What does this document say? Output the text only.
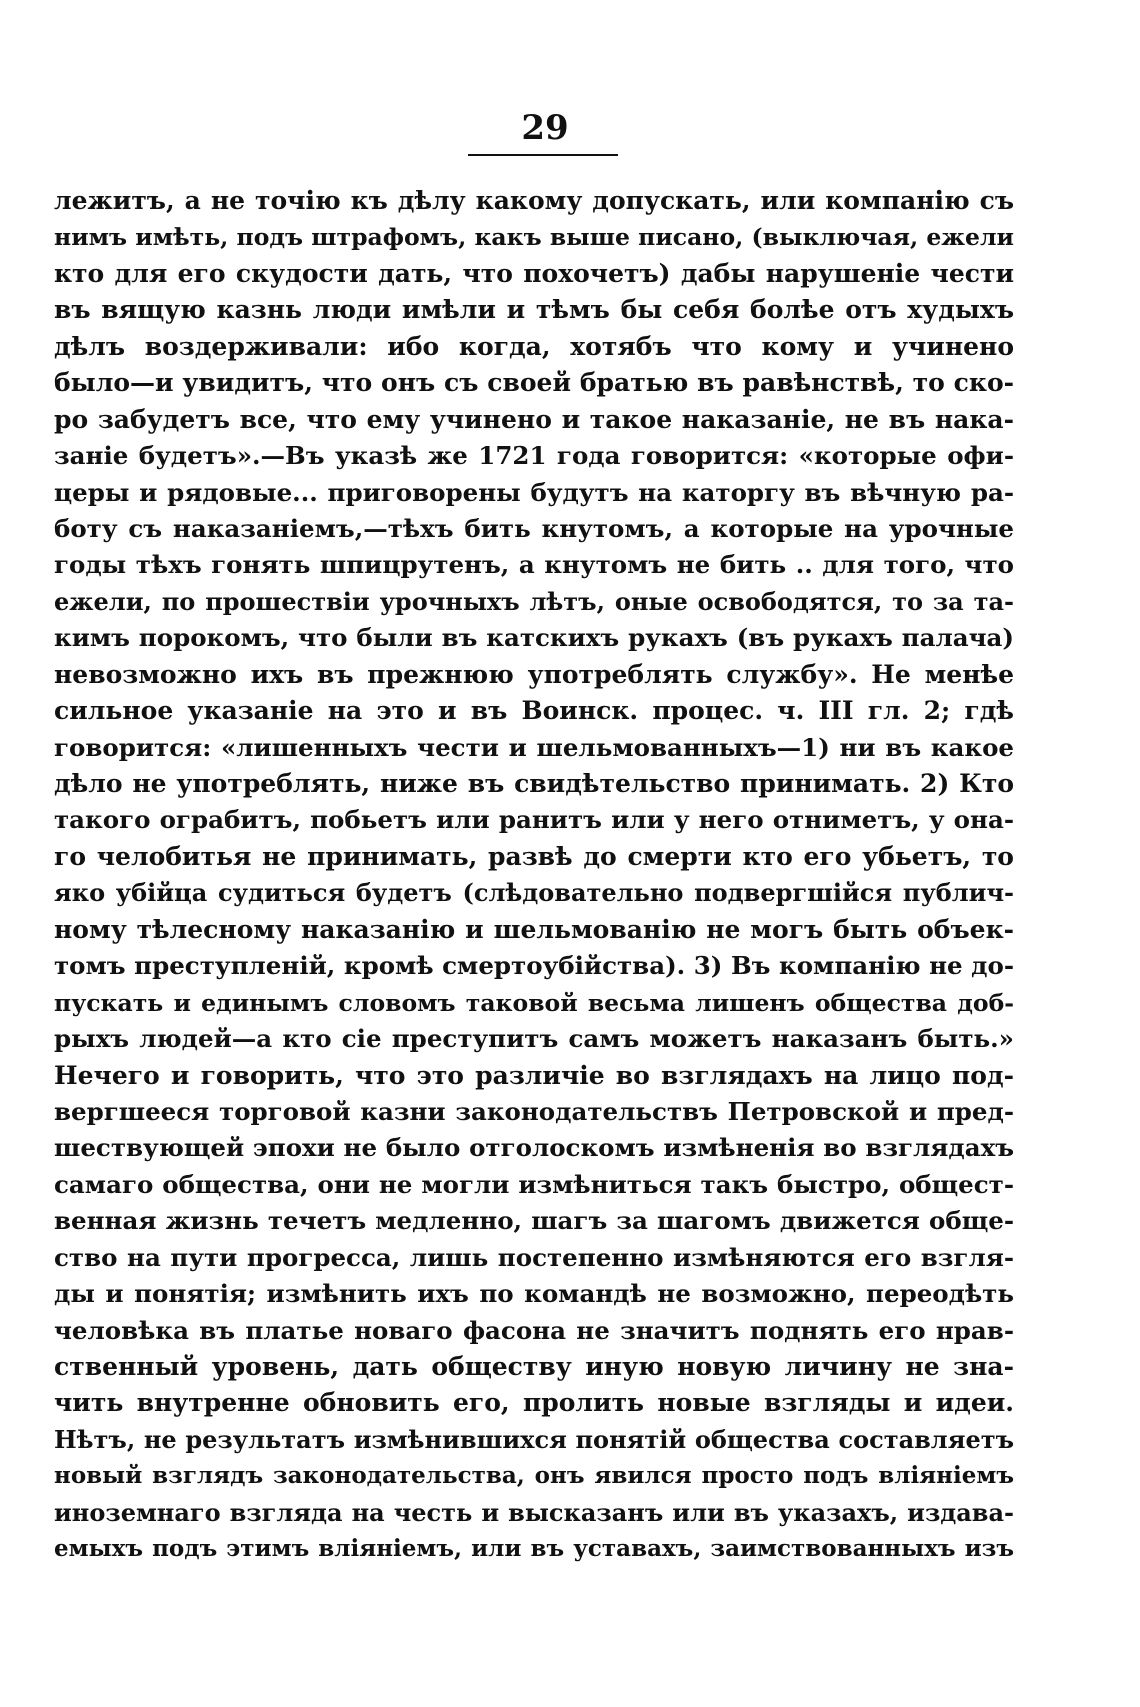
29
лежитъ, а не точію къ дѣлу какому допускать, или компанію съ
нимъ имѣть, подъ штрафомъ, какъ выше писано, (выключая, ежели
кто для его скудости дать, что похочетъ) дабы нарушеніе чести
въ вящую казнь люди имѣли и тѣмъ бы себя болѣе отъ худыхъ
дѣлъ воздерживали: ибо когда, хотябъ что кому и учинено
было—и увидитъ, что онъ съ своей братью въ равѣнствѣ, то ско-
ро забудетъ все, что ему учинено и такое наказаніе, не въ нака-
заніе будетъ».—Въ указѣ же 1721 года говорится: «которые офи-
церы и рядовые... приговорены будутъ на каторгу въ вѣчную ра-
боту съ наказаніемъ,—тѣхъ бить кнутомъ, а которые на урочные
годы тѣхъ гонять шпицрутенъ, а кнутомъ не бить .. для того, что
ежели, по прошествіи урочныхъ лѣтъ, оные освободятся, то за та-
кимъ порокомъ, что были въ катскихъ рукахъ (въ рукахъ палача)
невозможно ихъ въ прежнюю употреблять службу». Не менѣе
сильное указаніе на это и въ Воинск. процес. ч. III гл. 2; гдѣ
говорится: «лишенныхъ чести и шельмованныхъ—1) ни въ какое
дѣло не употреблять, ниже въ свидѣтельство принимать. 2) Кто
такого ограбитъ, побьетъ или ранитъ или у него отниметъ, у она-
го челобитья не принимать, развѣ до смерти кто его убьетъ, то
яко убійца судиться будетъ (слѣдовательно подвергшійся публич-
ному тѣлесному наказанію и шельмованію не могъ быть объек-
томъ преступленій, кромѣ смертоубійства). 3) Въ компанію не до-
пускать и единымъ словомъ таковой весьма лишенъ общества доб-
рыхъ людей—а кто сіе преступитъ самъ можетъ наказанъ быть.»
Нечего и говорить, что это различіе во взглядахъ на лицо под-
вергшееся торговой казни законодательствъ Петровской и пред-
шествующей эпохи не было отголоскомъ измѣненія во взглядахъ
самаго общества, они не могли измѣниться такъ быстро, общест-
венная жизнь течетъ медленно, шагъ за шагомъ движется обще-
ство на пути прогресса, лишь постепенно измѣняются его взгля-
ды и понятія; измѣнить ихъ по командѣ не возможно, переодѣть
человѣка въ платье новаго фасона не значитъ поднять его нрав-
ственный уровень, дать обществу иную новую личину не зна-
чить внутренне обновить его, пролить новые взгляды и идеи.
Нѣтъ, не результатъ измѣнившихся понятій общества составляетъ
новый взглядъ законодательства, онъ явился просто подъ вліяніемъ
иноземнаго взгляда на честь и высказанъ или въ указахъ, издава-
емыхъ подъ этимъ вліяніемъ, или въ уставахъ, заимствованныхъ изъ
